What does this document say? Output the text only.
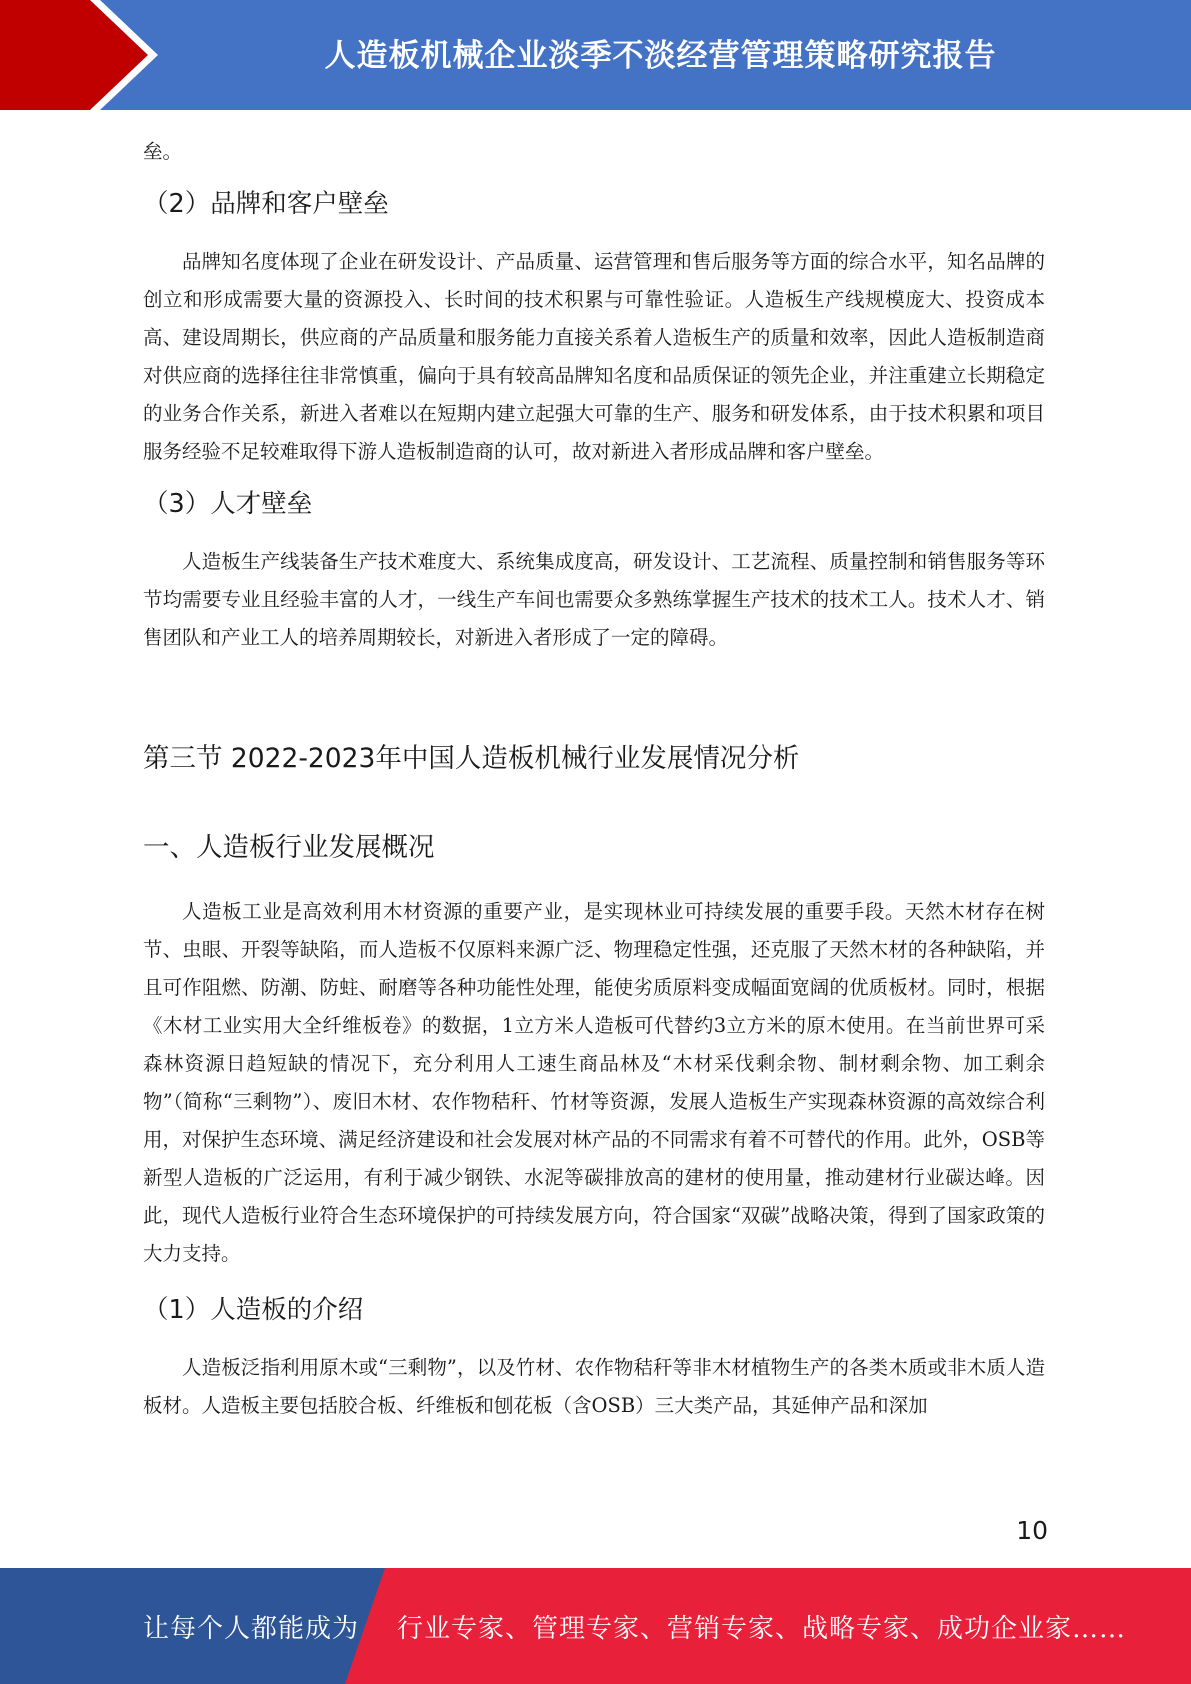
人造板机械企业淡季不淡经营管理策略研究报告

垒。

（2）品牌和客户壁垒

品牌知名度体现了企业在研发设计、产品质量、运营管理和售后服务等方面的综合水平，知名品牌的创立和形成需要大量的资源投入、长时间的技术积累与可靠性验证。人造板生产线规模庞大、投资成本高、建设周期长，供应商的产品质量和服务能力直接关系着人造板生产的质量和效率，因此人造板制造商对供应商的选择往往非常慎重，偏向于具有较高品牌知名度和品质保证的领先企业，并注重建立长期稳定的业务合作关系，新进入者难以在短期内建立起强大可靠的生产、服务和研发体系，由于技术积累和项目服务经验不足较难取得下游人造板制造商的认可，故对新进入者形成品牌和客户壁垒。

（3）人才壁垒

人造板生产线装备生产技术难度大、系统集成度高，研发设计、工艺流程、质量控制和销售服务等环节均需要专业且经验丰富的人才，一线生产车间也需要众多熟练掌握生产技术的技术工人。技术人才、销售团队和产业工人的培养周期较长，对新进入者形成了一定的障碍。

第三节 2022-2023年中国人造板机械行业发展情况分析
一、人造板行业发展概况

人造板工业是高效利用木材资源的重要产业，是实现林业可持续发展的重要手段。天然木材存在树节、虫眼、开裂等缺陷，而人造板不仅原料来源广泛、物理稳定性强，还克服了天然木材的各种缺陷，并且可作阻燃、防潮、防蛀、耐磨等各种功能性处理，能使劣质原料变成幅面宽阔的优质板材。同时，根据《木材工业实用大全纤维板卷》的数据，1立方米人造板可代替约3立方米的原木使用。在当前世界可采森林资源日趋短缺的情况下，充分利用人工速生商品林及“木材采伐剩余物、制材剩余物、加工剩余物”（简称“三剩物”）、废旧木材、农作物秸秆、竹材等资源，发展人造板生产实现森林资源的高效综合利用，对保护生态环境、满足经济建设和社会发展对林产品的不同需求有着不可替代的作用。此外，OSB等新型人造板的广泛运用，有利于减少钢铁、水泥等碳排放高的建材的使用量，推动建材行业碳达峰。因此，现代人造板行业符合生态环境保护的可持续发展方向，符合国家“双碳”战略决策，得到了国家政策的大力支持。

（1）人造板的介绍

人造板泛指利用原木或“三剩物”，以及竹材、农作物秸秆等非木材植物生产的各类木质或非木质人造板材。人造板主要包括胶合板、纤维板和刨花板（含OSB）三大类产品，其延伸产品和深加

10
让每个人都能成为 行业专家、管理专家、营销专家、战略专家、成功企业家……
